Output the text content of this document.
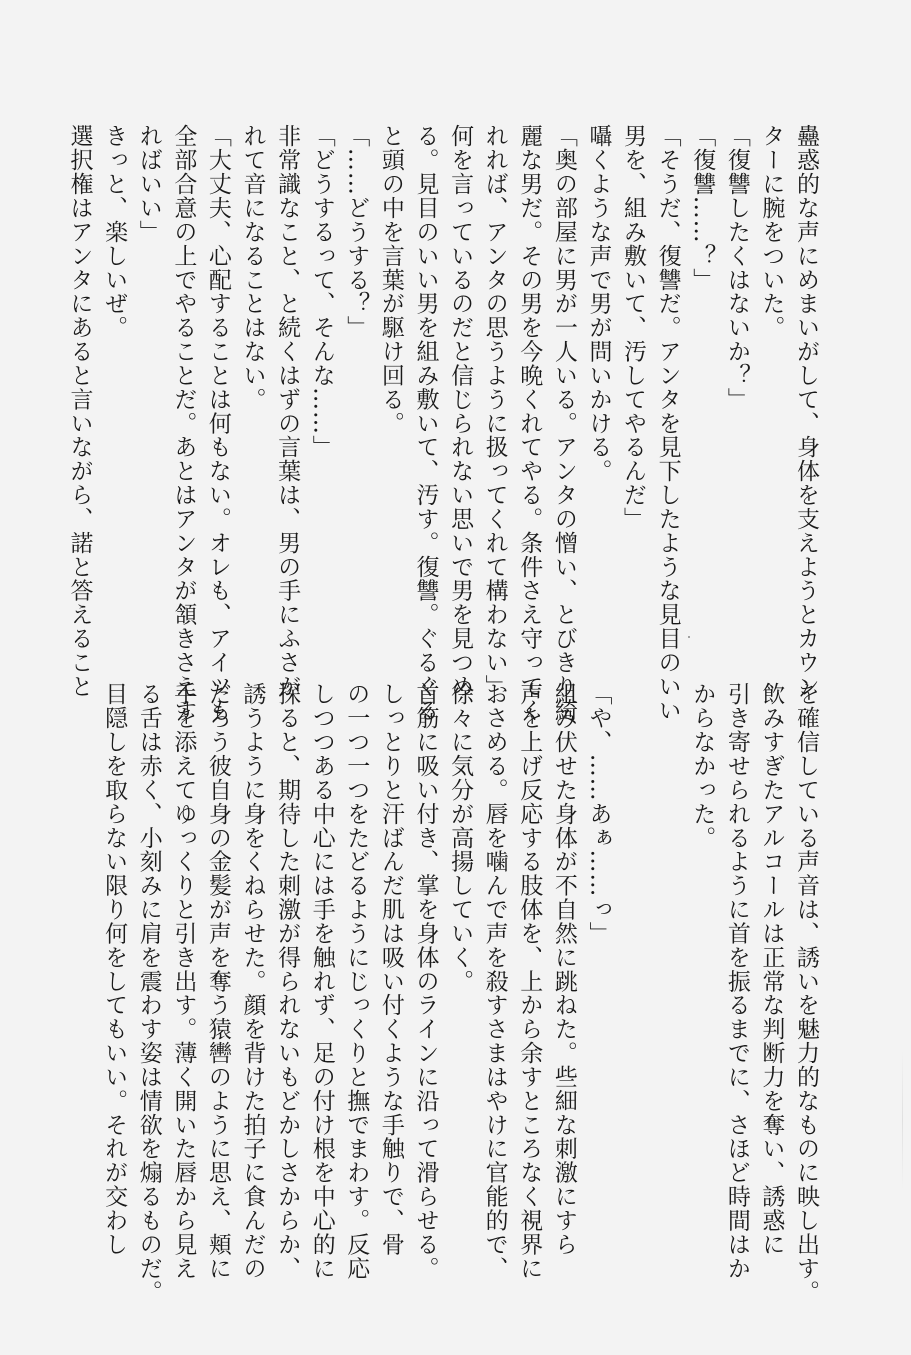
蠱惑的な声にめまいがして、身体を支えようとカウン
ターに腕をついた。
「復讐したくはないか？」
「復讐……？」
「そうだ、復讐だ。アンタを見下したような見目のいい
男を、組み敷いて、汚してやるんだ」
囁くような声で男が問いかける。
「奥の部屋に男が一人いる。アンタの憎い、とびきり綺
麗な男だ。その男を今晩くれてやる。条件さえ守ってく
れれば、アンタの思うように扱ってくれて構わない」
何を言っているのだと信じられない思いで男を見つめ
る。見目のいい男を組み敷いて、汚す。復讐。ぐるぐる
と頭の中を言葉が駆け回る。
「……どうする？」
「どうするって、そんな……」
非常識なこと、と続くはずの言葉は、男の手にふさが
れて音になることはない。
「大丈夫、心配することは何もない。オレも、アイツも
全部合意の上でやることだ。あとはアンタが頷きさえす
ればいい」
きっと、楽しいぜ。
選択権はアンタにあると言いながら、諾と答えること
を確信している声音は、誘いを魅力的なものに映し出す。
飲みすぎたアルコールは正常な判断力を奪い、誘惑に
引き寄せられるように首を振るまでに、さほど時間はか
からなかった。

「や、……あぁ……っ」
組み伏せた身体が不自然に跳ねた。些細な刺激にすら
声を上げ反応する肢体を、上から余すところなく視界に
おさめる。唇を噛んで声を殺すさまはやけに官能的で、
徐々に気分が高揚していく。
首筋に吸い付き、掌を身体のラインに沿って滑らせる。
しっとりと汗ばんだ肌は吸い付くような手触りで、骨
の一つ一つをたどるようにじっくりと撫でまわす。反応
しつつある中心には手を触れず、足の付け根を中心的に
探ると、期待した刺激が得られないもどかしさからか、
誘うように身をくねらせた。顔を背けた拍子に食んだの
だろう彼自身の金髪が声を奪う猿轡のように思え、頬に
手を添えてゆっくりと引き出す。薄く開いた唇から見え
る舌は赤く、小刻みに肩を震わす姿は情欲を煽るものだ。
目隠しを取らない限り何をしてもいい。それが交わし
